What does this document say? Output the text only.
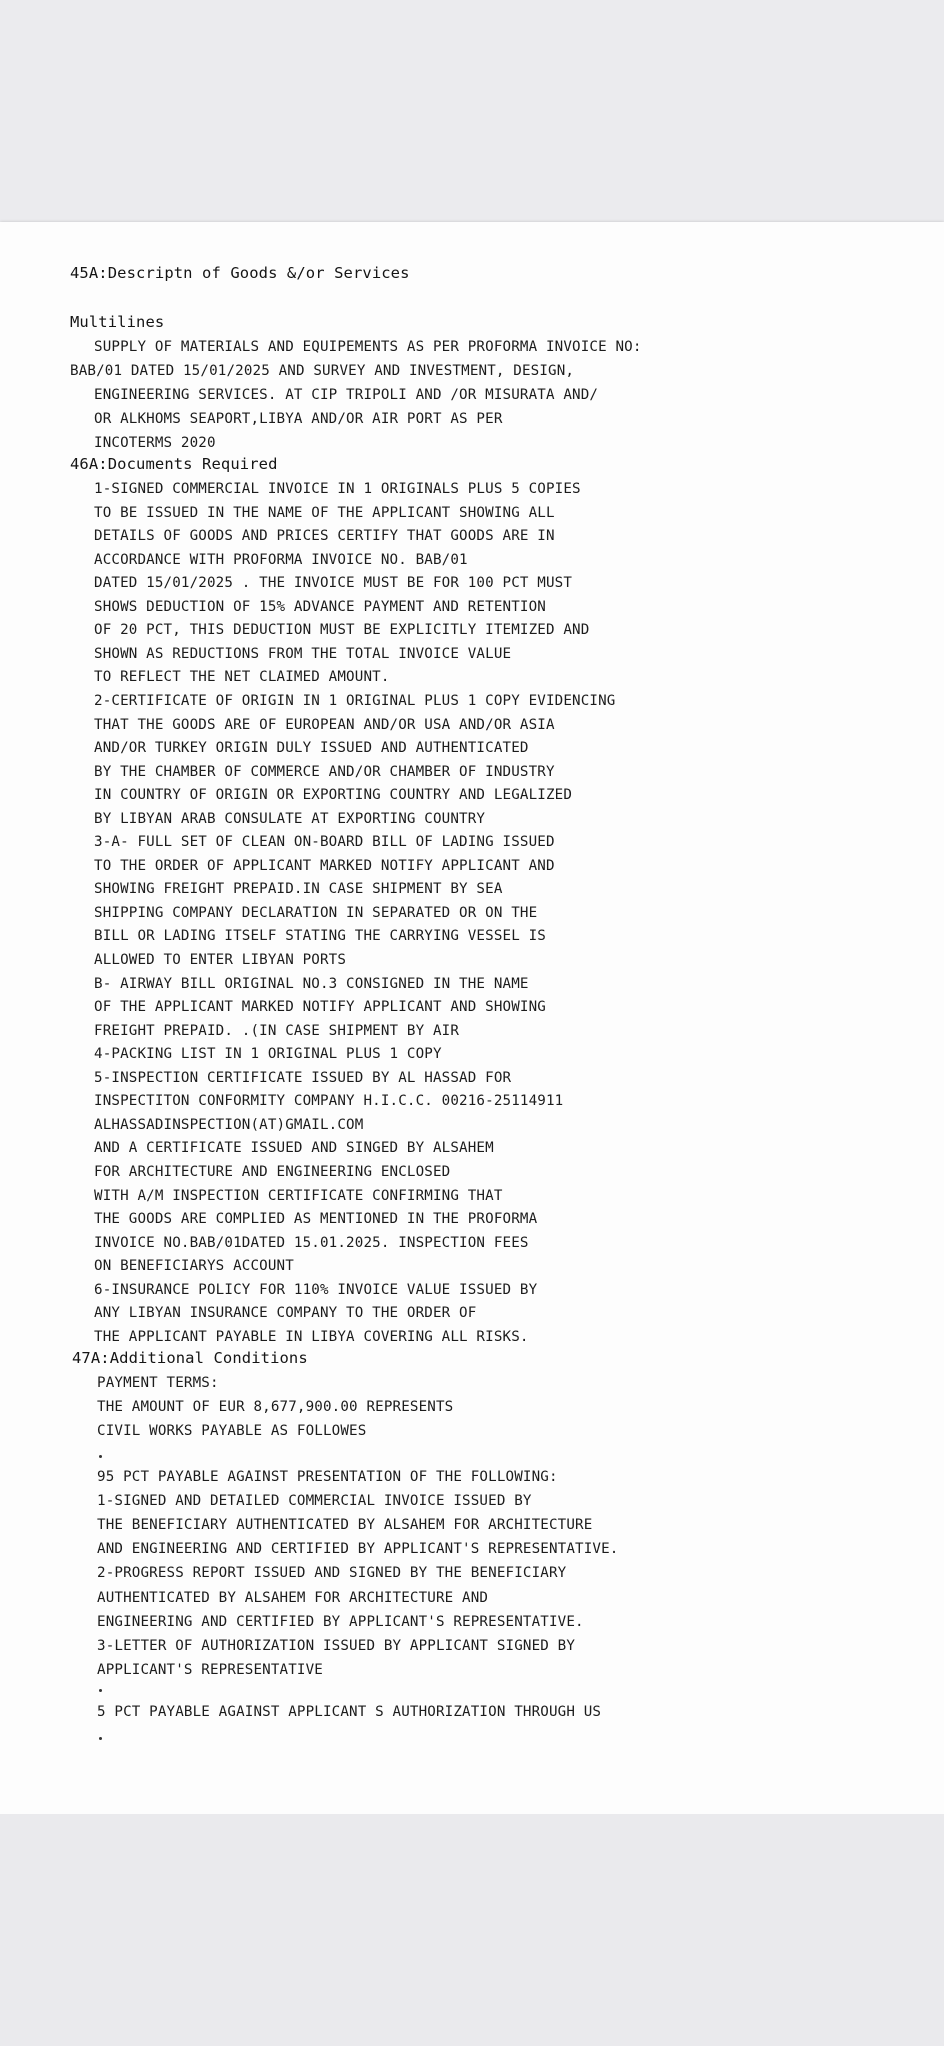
45A:Descriptn of Goods &/or Services
Multilines
SUPPLY OF MATERIALS AND EQUIPEMENTS AS PER PROFORMA INVOICE NO:
BAB/01 DATED 15/01/2025 AND SURVEY AND INVESTMENT, DESIGN,
ENGINEERING SERVICES. AT CIP TRIPOLI AND /OR MISURATA AND/
OR ALKHOMS SEAPORT,LIBYA AND/OR AIR PORT AS PER
INCOTERMS 2020
46A:Documents Required
1-SIGNED COMMERCIAL INVOICE IN 1 ORIGINALS PLUS 5 COPIES
TO BE ISSUED IN THE NAME OF THE APPLICANT SHOWING ALL
DETAILS OF GOODS AND PRICES CERTIFY THAT GOODS ARE IN
ACCORDANCE WITH PROFORMA INVOICE NO. BAB/01
DATED 15/01/2025 . THE INVOICE MUST BE FOR 100 PCT MUST
SHOWS DEDUCTION OF 15% ADVANCE PAYMENT AND RETENTION
OF 20 PCT, THIS DEDUCTION MUST BE EXPLICITLY ITEMIZED AND
SHOWN AS REDUCTIONS FROM THE TOTAL INVOICE VALUE
TO REFLECT THE NET CLAIMED AMOUNT.
2-CERTIFICATE OF ORIGIN IN 1 ORIGINAL PLUS 1 COPY EVIDENCING
THAT THE GOODS ARE OF EUROPEAN AND/OR USA AND/OR ASIA
AND/OR TURKEY ORIGIN DULY ISSUED AND AUTHENTICATED
BY THE CHAMBER OF COMMERCE AND/OR CHAMBER OF INDUSTRY
IN COUNTRY OF ORIGIN OR EXPORTING COUNTRY AND LEGALIZED
BY LIBYAN ARAB CONSULATE AT EXPORTING COUNTRY
3-A- FULL SET OF CLEAN ON-BOARD BILL OF LADING ISSUED
TO THE ORDER OF APPLICANT MARKED NOTIFY APPLICANT AND
SHOWING FREIGHT PREPAID.IN CASE SHIPMENT BY SEA
SHIPPING COMPANY DECLARATION IN SEPARATED OR ON THE
BILL OR LADING ITSELF STATING THE CARRYING VESSEL IS
ALLOWED TO ENTER LIBYAN PORTS
B- AIRWAY BILL ORIGINAL NO.3 CONSIGNED IN THE NAME
OF THE APPLICANT MARKED NOTIFY APPLICANT AND SHOWING
FREIGHT PREPAID. .(IN CASE SHIPMENT BY AIR
4-PACKING LIST IN 1 ORIGINAL PLUS 1 COPY
5-INSPECTION CERTIFICATE ISSUED BY AL HASSAD FOR
INSPECTITON CONFORMITY COMPANY H.I.C.C. 00216-25114911
ALHASSADINSPECTION(AT)GMAIL.COM
AND A CERTIFICATE ISSUED AND SINGED BY ALSAHEM
FOR ARCHITECTURE AND ENGINEERING ENCLOSED
WITH A/M INSPECTION CERTIFICATE CONFIRMING THAT
THE GOODS ARE COMPLIED AS MENTIONED IN THE PROFORMA
INVOICE NO.BAB/01DATED 15.01.2025. INSPECTION FEES
ON BENEFICIARYS ACCOUNT
6-INSURANCE POLICY FOR 110% INVOICE VALUE ISSUED BY
ANY LIBYAN INSURANCE COMPANY TO THE ORDER OF
THE APPLICANT PAYABLE IN LIBYA COVERING ALL RISKS.
47A:Additional Conditions
PAYMENT TERMS:
THE AMOUNT OF EUR 8,677,900.00 REPRESENTS
CIVIL WORKS PAYABLE AS FOLLOWES
95 PCT PAYABLE AGAINST PRESENTATION OF THE FOLLOWING:
1-SIGNED AND DETAILED COMMERCIAL INVOICE ISSUED BY
THE BENEFICIARY AUTHENTICATED BY ALSAHEM FOR ARCHITECTURE
AND ENGINEERING AND CERTIFIED BY APPLICANT'S REPRESENTATIVE.
2-PROGRESS REPORT ISSUED AND SIGNED BY THE BENEFICIARY
AUTHENTICATED BY ALSAHEM FOR ARCHITECTURE AND
ENGINEERING AND CERTIFIED BY APPLICANT'S REPRESENTATIVE.
3-LETTER OF AUTHORIZATION ISSUED BY APPLICANT SIGNED BY
APPLICANT'S REPRESENTATIVE
5 PCT PAYABLE AGAINST APPLICANT S AUTHORIZATION THROUGH US
